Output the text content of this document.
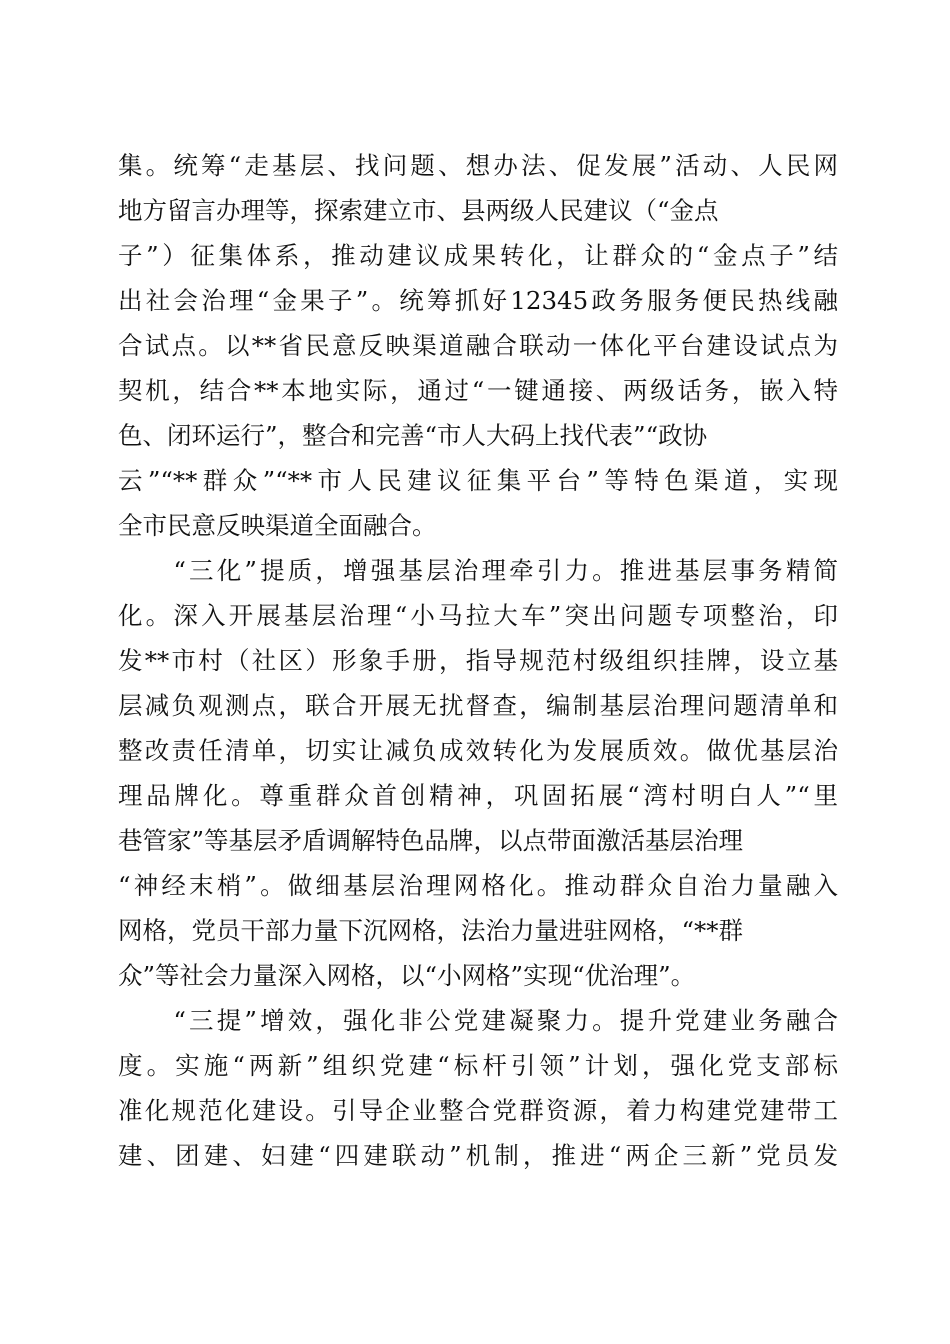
集。统筹“走基层、找问题、想办法、促发展”活动、人民网
地方留言办理等，探索建立市、县两级人民建议（“金点
子”）征集体系，推动建议成果转化，让群众的“金点子”结
出社会治理“金果子”。统筹抓好12345政务服务便民热线融
合试点。以**省民意反映渠道融合联动一体化平台建设试点为
契机，结合**本地实际，通过“一键通接、两级话务，嵌入特
色、闭环运行”，整合和完善“市人大码上找代表”“政协
云”“**群众”“**市人民建议征集平台”等特色渠道，实现
全市民意反映渠道全面融合。
　　“三化”提质，增强基层治理牵引力。推进基层事务精简
化。深入开展基层治理“小马拉大车”突出问题专项整治，印
发**市村（社区）形象手册，指导规范村级组织挂牌，设立基
层减负观测点，联合开展无扰督查，编制基层治理问题清单和
整改责任清单，切实让减负成效转化为发展质效。做优基层治
理品牌化。尊重群众首创精神，巩固拓展“湾村明白人”“里
巷管家”等基层矛盾调解特色品牌，以点带面激活基层治理
“神经末梢”。做细基层治理网格化。推动群众自治力量融入
网格，党员干部力量下沉网格，法治力量进驻网格，“**群
众”等社会力量深入网格，以“小网格”实现“优治理”。
　　“三提”增效，强化非公党建凝聚力。提升党建业务融合
度。实施“两新”组织党建“标杆引领”计划，强化党支部标
准化规范化建设。引导企业整合党群资源，着力构建党建带工
建、团建、妇建“四建联动”机制，推进“两企三新”党员发
